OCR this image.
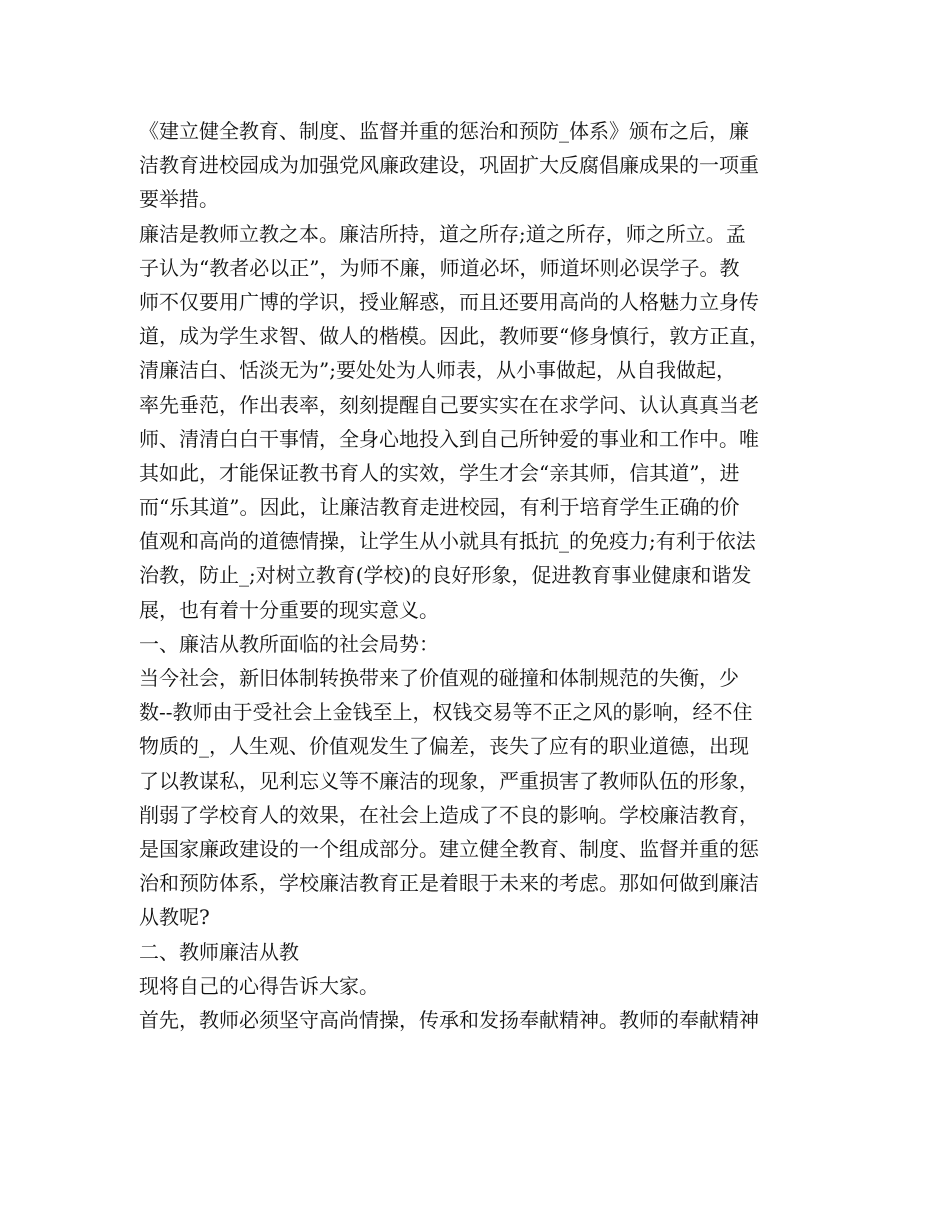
《建立健全教育、制度、监督并重的惩治和预防_体系》颁布之后，廉
洁教育进校园成为加强党风廉政建设，巩固扩大反腐倡廉成果的一项重
要举措。
廉洁是教师立教之本。廉洁所持，道之所存;道之所存，师之所立。孟
子认为“教者必以正”，为师不廉，师道必坏，师道坏则必误学子。教
师不仅要用广博的学识，授业解惑，而且还要用高尚的人格魅力立身传
道，成为学生求智、做人的楷模。因此，教师要“修身慎行，敦方正直，
清廉洁白、恬淡无为”;要处处为人师表，从小事做起，从自我做起，
率先垂范，作出表率，刻刻提醒自己要实实在在求学问、认认真真当老
师、清清白白干事情，全身心地投入到自己所钟爱的事业和工作中。唯
其如此，才能保证教书育人的实效，学生才会“亲其师，信其道”，进
而“乐其道”。因此，让廉洁教育走进校园，有利于培育学生正确的价
值观和高尚的道德情操，让学生从小就具有抵抗_的免疫力;有利于依法
治教，防止_;对树立教育(学校)的良好形象，促进教育事业健康和谐发
展，也有着十分重要的现实意义。
一、廉洁从教所面临的社会局势：
当今社会，新旧体制转换带来了价值观的碰撞和体制规范的失衡，少
数--教师由于受社会上金钱至上，权钱交易等不正之风的影响，经不住
物质的_，人生观、价值观发生了偏差，丧失了应有的职业道德，出现
了以教谋私，见利忘义等不廉洁的现象，严重损害了教师队伍的形象，
削弱了学校育人的效果，在社会上造成了不良的影响。学校廉洁教育，
是国家廉政建设的一个组成部分。建立健全教育、制度、监督并重的惩
治和预防体系，学校廉洁教育正是着眼于未来的考虑。那如何做到廉洁
从教呢?
二、教师廉洁从教
现将自己的心得告诉大家。
首先，教师必须坚守高尚情操，传承和发扬奉献精神。教师的奉献精神
